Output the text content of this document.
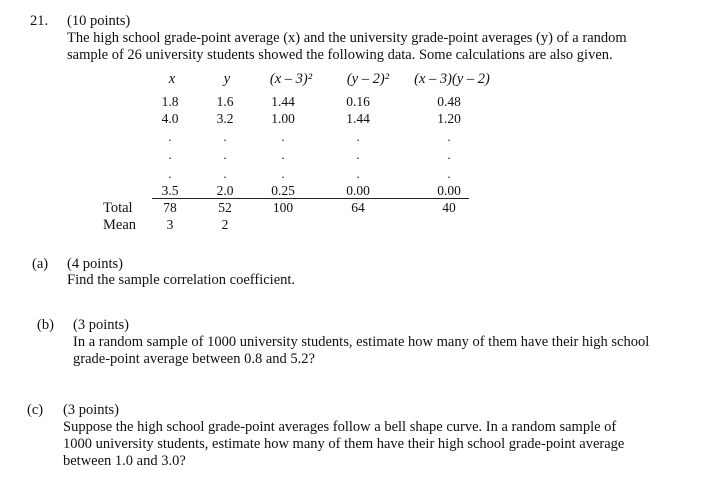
21. (10 points)
The high school grade-point average (x) and the university grade-point averages (y) of a random
sample of 26 university students showed the following data. Some calculations are also given.
x	y	(x – 3)²	(y – 2)²	(x – 3)(y – 2)
1.8	1.6	1.44	0.16	0.48
4.0	3.2	1.00	1.44	1.20
.	.	.	.	.
.	.	.	.	.
.	.	.	.	.
3.5	2.0	0.25	0.00	0.00
Total	78	52	100	64	40
Mean	3	2
(a) (4 points)
Find the sample correlation coefficient.
(b) (3 points)
In a random sample of 1000 university students, estimate how many of them have their high school
grade-point average between 0.8 and 5.2?
(c) (3 points)
Suppose the high school grade-point averages follow a bell shape curve. In a random sample of
1000 university students, estimate how many of them have their high school grade-point average
between 1.0 and 3.0?
